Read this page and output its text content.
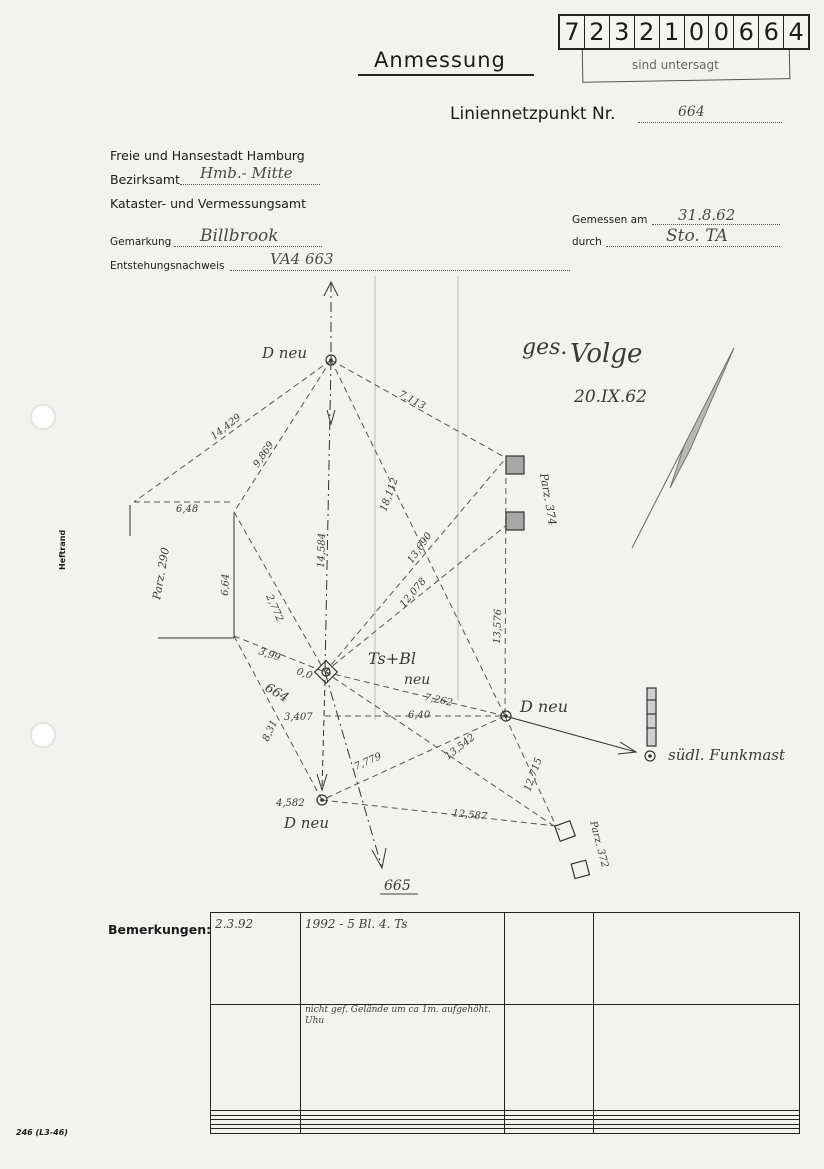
7 2 3 2 1 0 0 6 6 4
sind untersagt
Anmessung
Liniennetzpunkt Nr.	664
Freie und Hansestadt Hamburg
Bezirksamt Hmb.- Mitte
Kataster- und Vermessungsamt
Gemessen am 31.8.62
Gemarkung Billbrook	durch	Sto. TA
Entstehungsnachweis	VA4 663
Heftrand
D neu
Ts+Bl
neu
D neu
D neu
südl. Funkmast
664
665
Parz. 290
Parz. 374
Parz. 372
ges. Volge
20.IX.62
14,429
7,113
9,869
18,112
14,584	13,690
6,48
6,64
2,772	12,078
13,576
3,99
0,0
7,262
3,407	6,40
8,31
7,779	13,542
12,715
4,582
12,587
Bemerkungen: 2.3.92	1992 - 5 Bl. 4. Ts		

	nicht gef. Gelände um ca 1m. aufgehöht. Uhu		

246 (L3-46)
